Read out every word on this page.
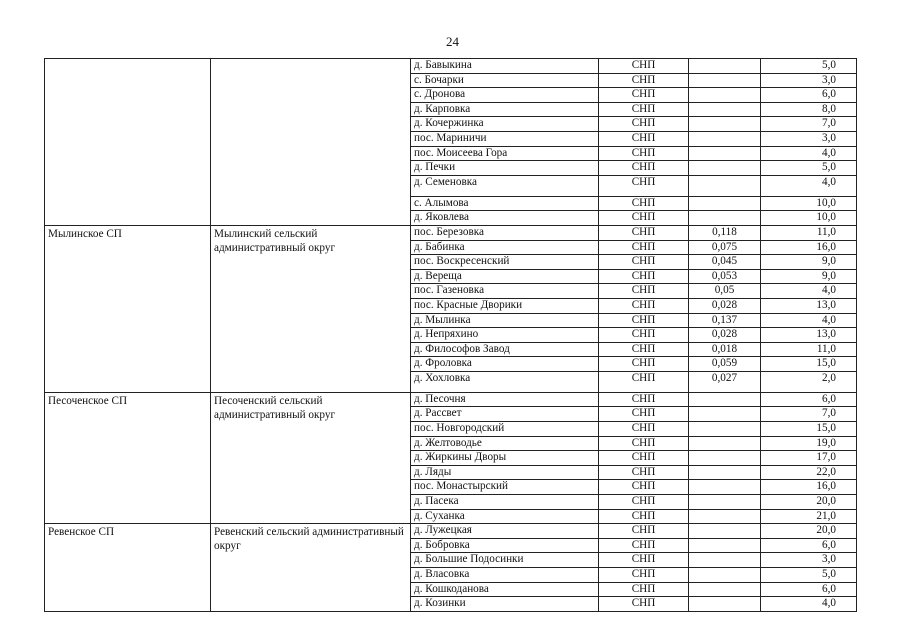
24
		д. Бавыкина	СНП		5,0
		с. Бочарки	СНП		3,0
		с. Дронова	СНП		6,0
		д. Карповка	СНП		8,0
		д. Кочержинка	СНП		7,0
		пос. Мариничи	СНП		3,0
		пос. Моисеева Гора	СНП		4,0
		д. Печки	СНП		5,0
		д. Семеновка	СНП		4,0
		с. Алымова	СНП		10,0
		д. Яковлева	СНП		10,0
Мылинское СП	Мылинский сельский административный округ	пос. Березовка	СНП	0,118	11,0
		д. Бабинка	СНП	0,075	16,0
		пос. Воскресенский	СНП	0,045	9,0
		д. Вереща	СНП	0,053	9,0
		пос. Газеновка	СНП	0,05	4,0
		пос. Красные Дворики	СНП	0,028	13,0
		д. Мылинка	СНП	0,137	4,0
		д. Непряхино	СНП	0,028	13,0
		д. Философов Завод	СНП	0,018	11,0
		д. Фроловка	СНП	0,059	15,0
		д. Хохловка	СНП	0,027	2,0
Песоченское СП	Песоченский сельский административный округ	д. Песочня	СНП		6,0
		д. Рассвет	СНП		7,0
		пос. Новгородский	СНП		15,0
		д. Желтоводье	СНП		19,0
		д. Жиркины Дворы	СНП		17,0
		д. Ляды	СНП		22,0
		пос. Монастырский	СНП		16,0
		д. Пасека	СНП		20,0
		д. Суханка	СНП		21,0
Ревенское СП	Ревенский сельский административный округ	д. Лужецкая	СНП		20,0
		д. Бобровка	СНП		6,0
		д. Большие Подосинки	СНП		3,0
		д. Власовка	СНП		5,0
		д. Кошкоданова	СНП		6,0
		д. Козинки	СНП		4,0
